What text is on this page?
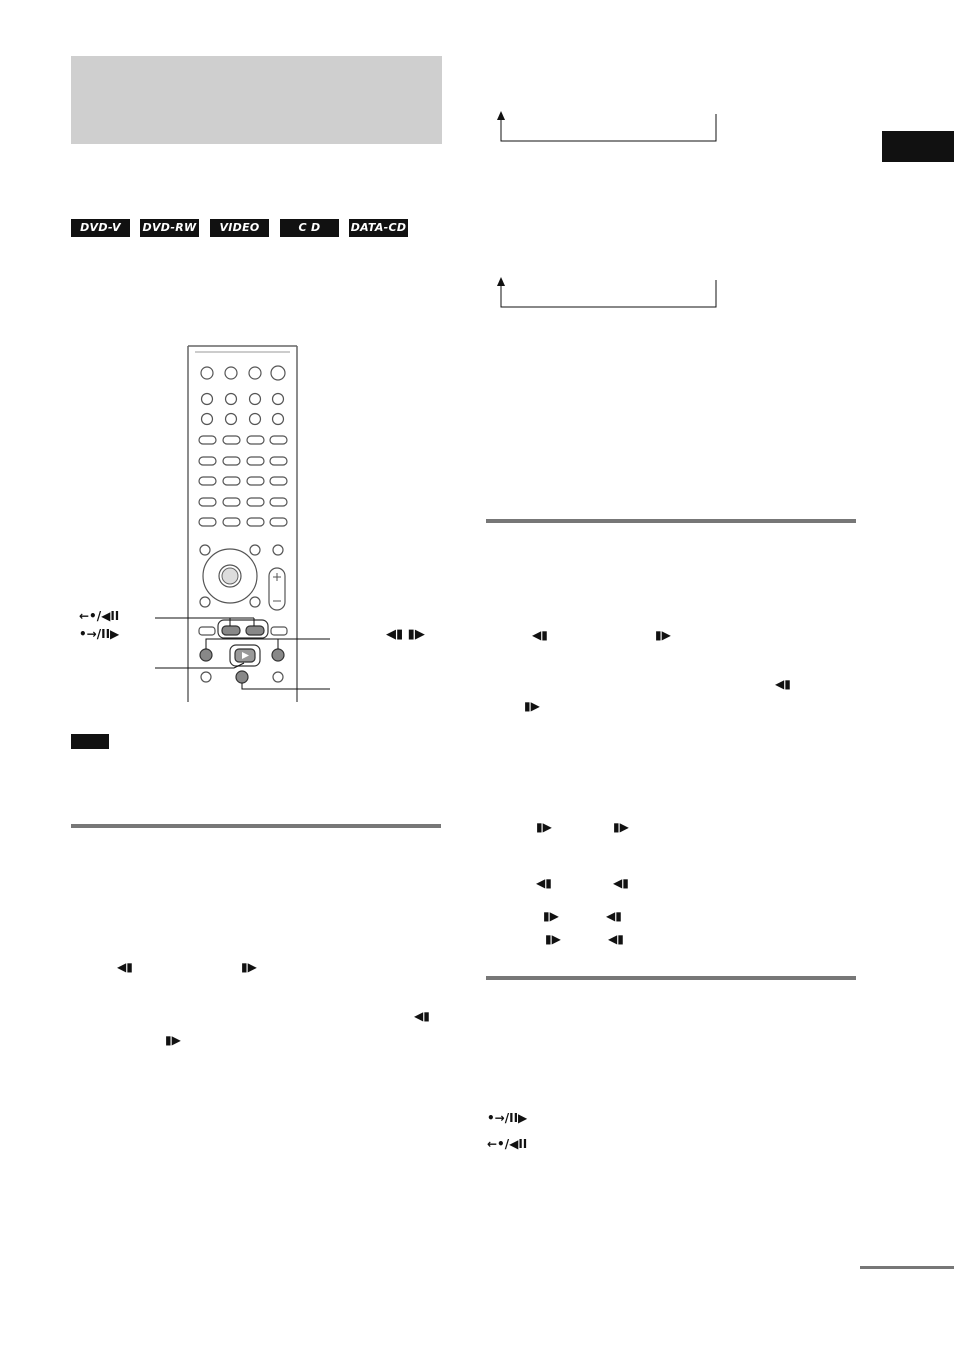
DVD-V	DVD-RW	VIDEO CD
C D	DATA-CD
←•/◀II
•→/II▶	◀▮ ▮▶
◀▮	▮▶
◀▮
▮▶
◀▮	▮▶
◀▮
▮▶
▮▶	▮▶
◀▮	◀▮
▮▶	◀▮
▮▶	◀▮
•→/II▶
←•/◀II
